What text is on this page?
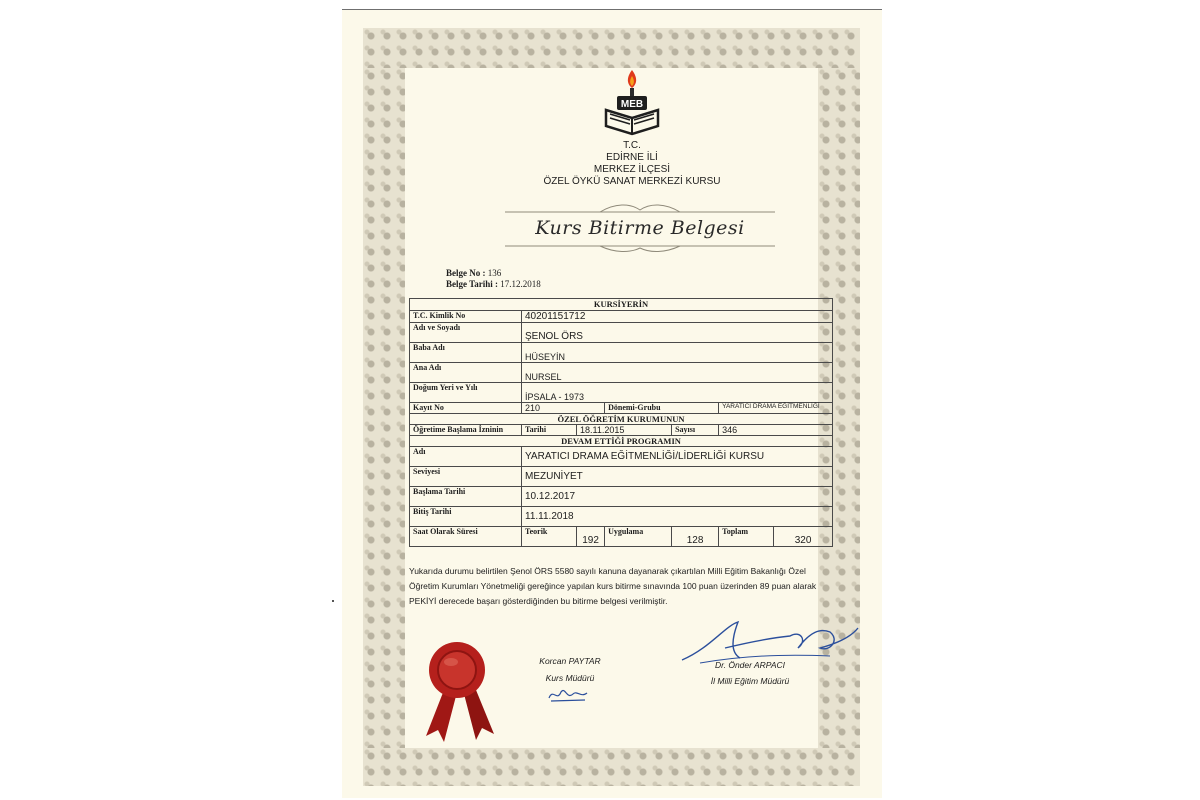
MEB
T.C.
EDİRNE İLİ
MERKEZ İLÇESİ
ÖZEL ÖYKÜ SANAT MERKEZİ KURSU
Kurs Bitirme Belgesi
Belge No : 136
Belge Tarihi : 17.12.2018
KURSİYERİN						
T.C. Kimlik No	40201151712					
Adı ve Soyadı	ŞENOL ÖRS					
Baba Adı	HÜSEYİN					
Ana Adı	NURSEL					
Doğum Yeri ve Yılı	İPSALA - 1973					
Kayıt No	210		Dönemi-Grubu		YARATICI DRAMA EĞİTMENLİĞİ	
ÖZEL ÖĞRETİM KURUMUNUN						
Öğretime Başlama İzninin	Tarihi	18.11.2015		Sayısı	346	
DEVAM ETTİĞİ PROGRAMIN						
Adı	YARATICI DRAMA EĞİTMENLİĞİ/LİDERLİĞİ KURSU					
Seviyesi	MEZUNİYET					
Başlama Tarihi	10.12.2017					
Bitiş Tarihi	11.11.2018					
Saat Olarak Süresi	Teorik	192	Uygulama	128	Toplam	320
Yukarıda durumu belirtilen Şenol ÖRS 5580 sayılı kanuna dayanarak çıkartılan Milli Eğitim Bakanlığı Özel Öğretim Kurumları Yönetmeliği gereğince yapılan kurs bitirme sınavında 100 puan üzerinden 89 puan alarak PEKİYİ derecede başarı gösterdiğinden bu bitirme belgesi verilmiştir.
Korcan PAYTAR
Kurs Müdürü
Dr. Önder ARPACI
İl Milli Eğitim Müdürü
